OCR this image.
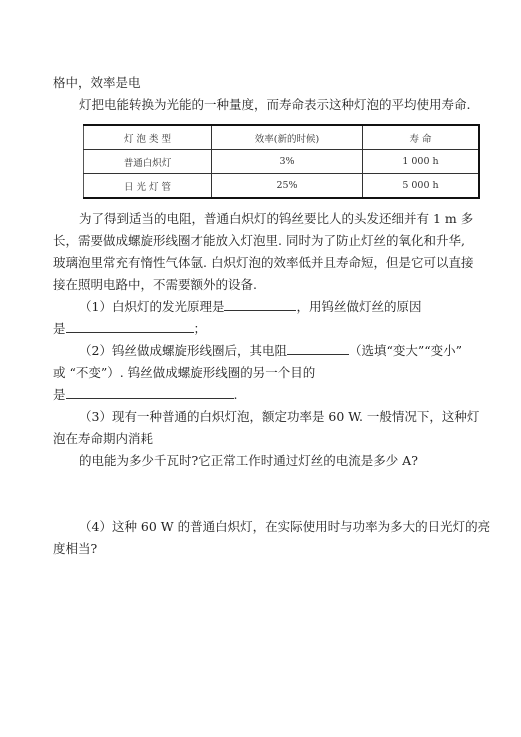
格中，效率是电
灯把电能转换为光能的一种量度，而寿命表示这种灯泡的平均使用寿命.
灯 泡 类 型	效率(新的时候)	寿 命
普通白炽灯	3%	1 000 h
日 光 灯 管	25%	5 000 h
为了得到适当的电阻，普通白炽灯的钨丝要比人的头发还细并有 1 m 多
长，需要做成螺旋形线圈才能放入灯泡里. 同时为了防止灯丝的氧化和升华,
玻璃泡里常充有惰性气体氩. 白炽灯泡的效率低并且寿命短，但是它可以直接
接在照明电路中，不需要额外的设备.
（1）白炽灯的发光原理是	，用钨丝做灯丝的原因
是	；
（2）钨丝做成螺旋形线圈后，其电阻	（选填“变大”“变小”
或 “不变”）. 钨丝做成螺旋形线圈的另一个目的
是	.
（3）现有一种普通的白炽灯泡，额定功率是 60 W. 一般情况下，这种灯
泡在寿命期内消耗
的电能为多少千瓦时?它正常工作时通过灯丝的电流是多少 A?
（4）这种 60 W 的普通白炽灯，在实际使用时与功率为多大的日光灯的亮
度相当?
